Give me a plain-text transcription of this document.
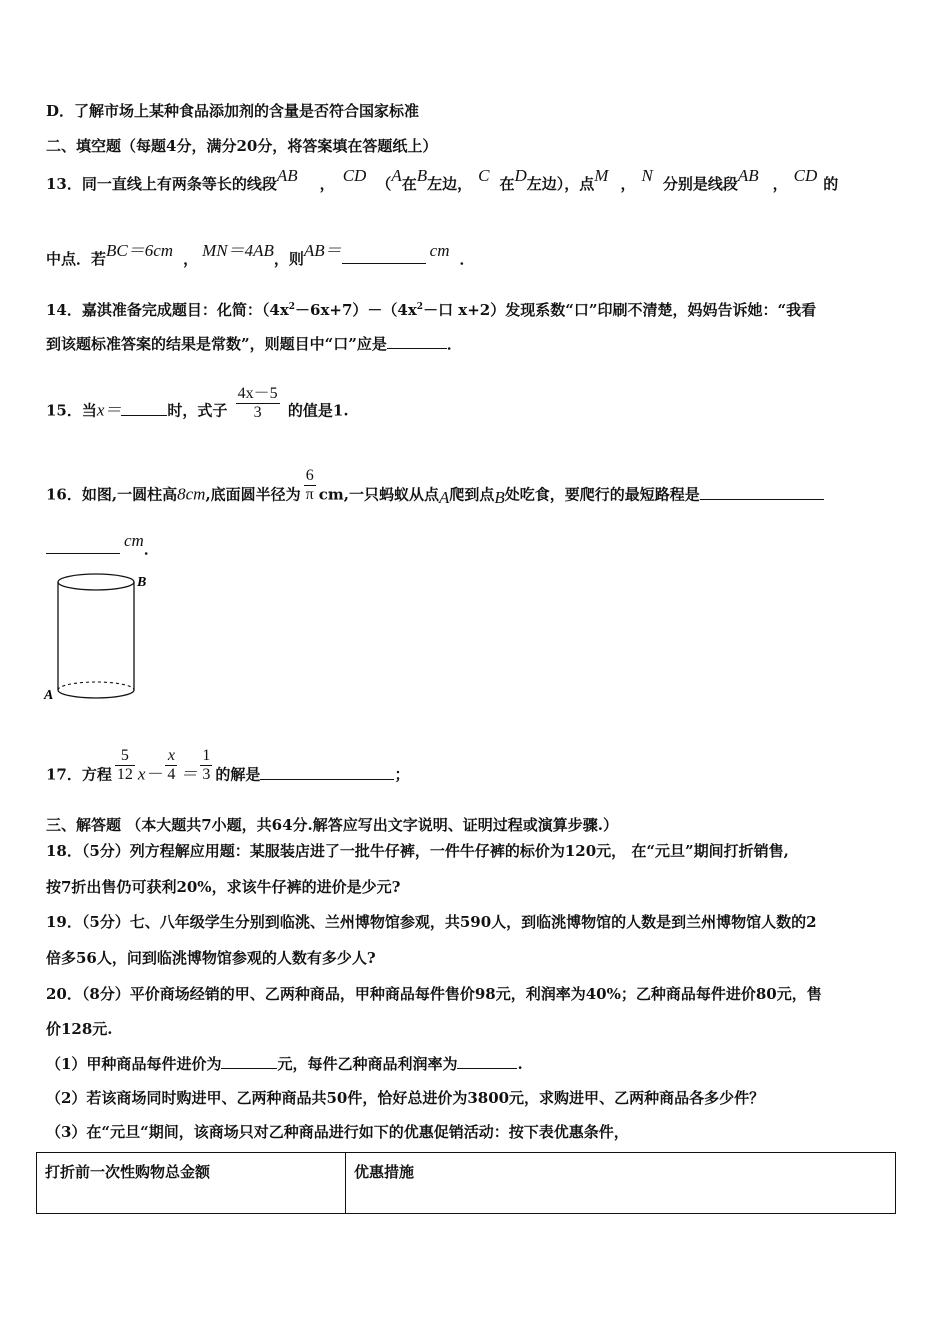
D．了解市场上某种食品添加剂的含量是否符合国家标准
二、填空题（每题4分，满分20分，将答案填在答题纸上）
13．同一直线上有两条等长的线段AB ， CD （A在B左边， C 在D左边），点M ， N 分别是线段AB ， CD 的
中点．若BC＝6cm ， MN＝4AB，则AB＝	cm ．
14．嘉淇准备完成题目：化简：$(4x^2-6x+7)-(4x^2-$口 x+2）发现系数“口”印刷不清楚，妈妈告诉她：“我看
到该题标准答案的结果是常数”，则题目中“口”应是	．
15．当x＝	时，式子 $\frac{4x-5}{3}$ 的值是1.
16．如图,一圆柱高8cm,底面圆半径为 $\frac{6}{\pi}$ cm,一只蚂蚁从点A爬到点B处吃食，要爬行的最短路程是
cm．
B
A
17．方程 $\frac{5}{12} x- \frac{x}{4} = \frac{1}{3}$ 的解是	；
三、解答题 （本大题共7小题，共64分.解答应写出文字说明、证明过程或演算步骤.）
18．（5分）列方程解应用题：某服装店进了一批牛仔裤，一件牛仔裤的标价为120元， 在“元旦”期间打折销售,
按7折出售仍可获利20%，求该牛仔裤的进价是少元?
19．（5分）七、八年级学生分别到临洮、兰州博物馆参观，共590人，到临洮博物馆的人数是到兰州博物馆人数的2
倍多56人，问到临洮博物馆参观的人数有多少人?
20．（8分）平价商场经销的甲、乙两种商品，甲种商品每件售价98元，利润率为40%；乙种商品每件进价80元，售
价128元.
（1）甲种商品每件进价为	元，每件乙种商品利润率为	.
（2）若该商场同时购进甲、乙两种商品共50件，恰好总进价为3800元，求购进甲、乙两种商品各多少件？
（3）在“元旦“期间，该商场只对乙种商品进行如下的优惠促销活动：按下表优惠条件，
打折前一次性购物总金额	优惠措施
